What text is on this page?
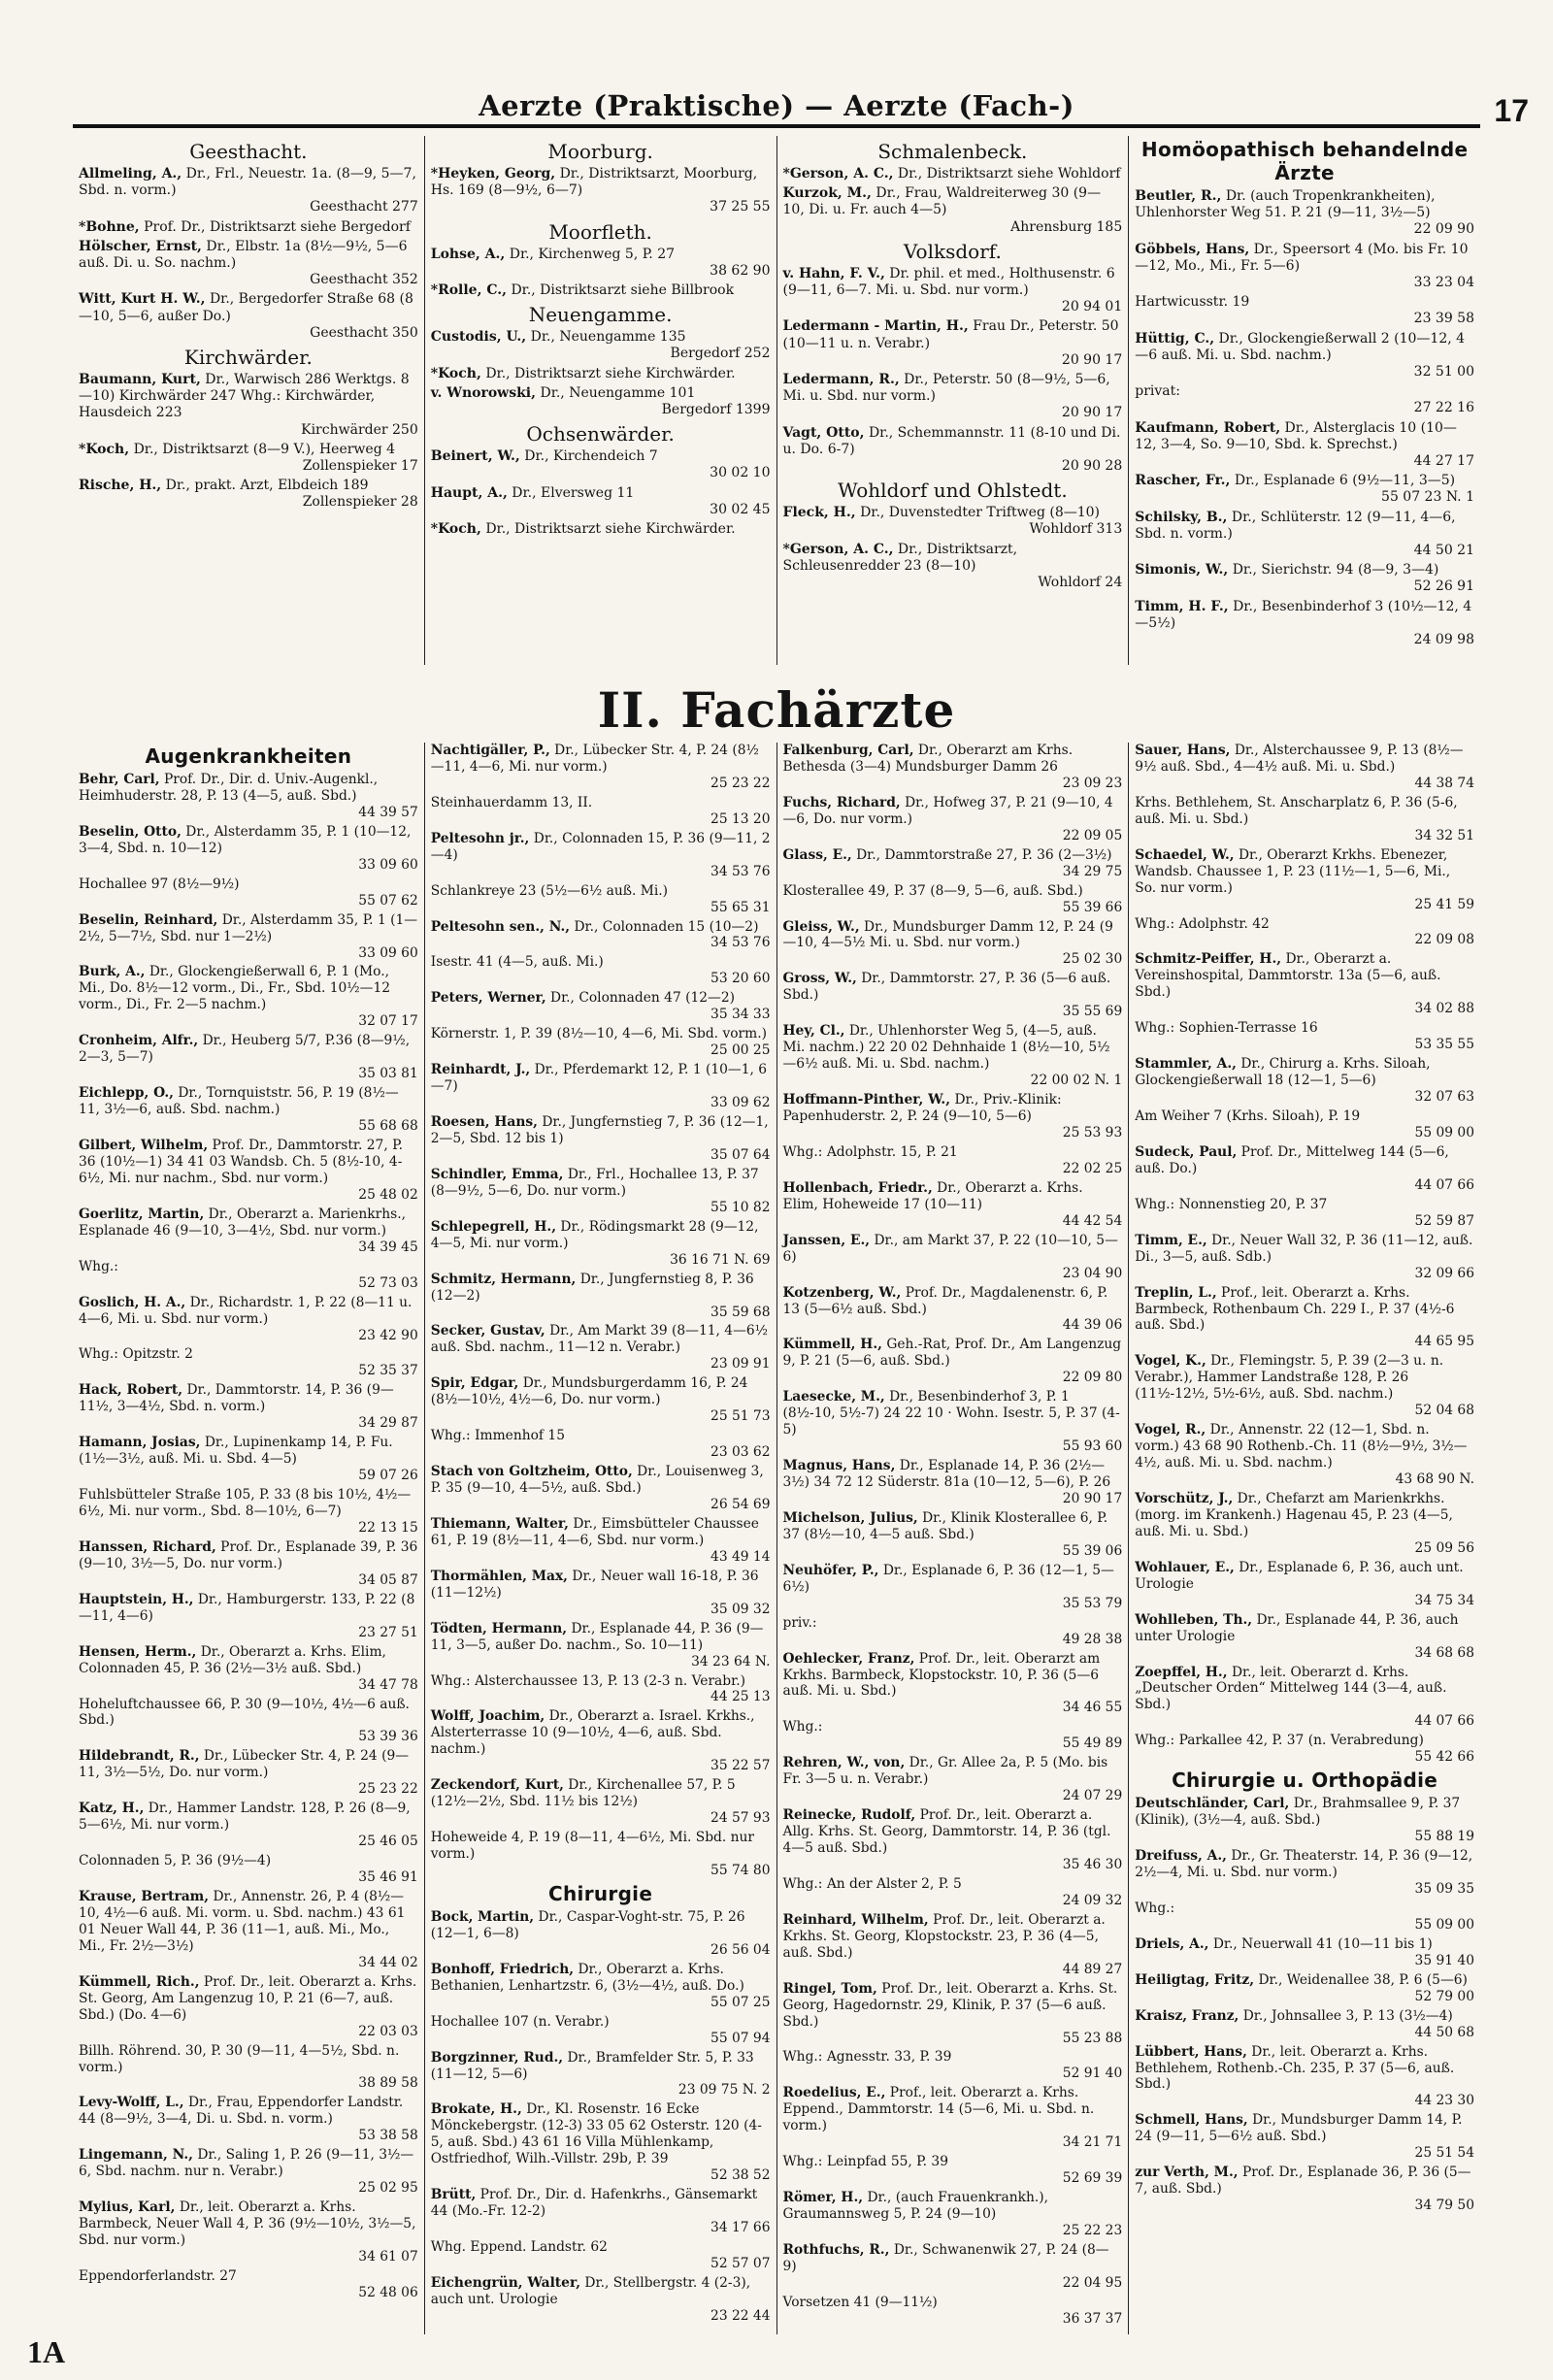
Aerzte (Praktische) — Aerzte (Fach-)	17
Geesthacht.
Allmeling, A., Dr., Frl., Neuestr. 1a. (8—9, 5—7, Sbd. n. vorm.)
Geesthacht 277
*Bohne, Prof. Dr., Distriktsarzt siehe Bergedorf
Hölscher, Ernst, Dr., Elbstr. 1a (8½—9½, 5—6 auß. Di. u. So. nachm.)
Geesthacht 352
Witt, Kurt H. W., Dr., Bergedorfer Straße 68 (8—10, 5—6, außer Do.)
Geesthacht 350
Kirchwärder.
Baumann, Kurt, Dr., Warwisch 286 Werktgs. 8—10) Kirchwärder 247 Whg.: Kirchwärder, Hausdeich 223
Kirchwärder 250
*Koch, Dr., Distriktsarzt (8—9 V.), Heerweg 4
Zollenspieker 17
Rische, H., Dr., prakt. Arzt, Elbdeich 189
Zollenspieker 28
Moorburg.
*Heyken, Georg, Dr., Distriktsarzt, Moorburg, Hs. 169 (8—9½, 6—7)
37 25 55
Moorfleth.
Lohse, A., Dr., Kirchenweg 5, P. 27
38 62 90
*Rolle, C., Dr., Distriktsarzt siehe Billbrook
Neuengamme.
Custodis, U., Dr., Neuengamme 135
Bergedorf 252
*Koch, Dr., Distriktsarzt siehe Kirchwärder.
v. Wnorowski, Dr., Neuengamme 101
Bergedorf 1399
Ochsenwärder.
Beinert, W., Dr., Kirchendeich 7
30 02 10
Haupt, A., Dr., Elversweg 11
30 02 45
*Koch, Dr., Distriktsarzt siehe Kirchwärder.
Schmalenbeck.
*Gerson, A. C., Dr., Distriktsarzt siehe Wohldorf
Kurzok, M., Dr., Frau, Waldreiterweg 30 (9—10, Di. u. Fr. auch 4—5)
Ahrensburg 185
Volksdorf.
v. Hahn, F. V., Dr. phil. et med., Holthusenstr. 6 (9—11, 6—7. Mi. u. Sbd. nur vorm.)
20 94 01
Ledermann - Martin, H., Frau Dr., Peterstr. 50 (10—11 u. n. Verabr.)
20 90 17
Ledermann, R., Dr., Peterstr. 50 (8—9½, 5—6, Mi. u. Sbd. nur vorm.)
20 90 17
Vagt, Otto, Dr., Schemmannstr. 11 (8-10 und Di. u. Do. 6-7)
20 90 28
Wohldorf und Ohlstedt.
Fleck, H., Dr., Duvenstedter Triftweg (8—10)
Wohldorf 313
*Gerson, A. C., Dr., Distriktsarzt, Schleusenredder 23 (8—10)
Wohldorf 24
Homöopathisch behandelnde Ärzte
Beutler, R., Dr. (auch Tropenkrankheiten), Uhlenhorster Weg 51. P. 21 (9—11, 3½—5)
22 09 90
Göbbels, Hans, Dr., Speersort 4 (Mo. bis Fr. 10—12, Mo., Mi., Fr. 5—6)
33 23 04
Hartwicusstr. 19
23 39 58
Hüttig, C., Dr., Glockengießerwall 2 (10—12, 4—6 auß. Mi. u. Sbd. nachm.)
32 51 00
privat:
27 22 16
Kaufmann, Robert, Dr., Alsterglacis 10 (10—12, 3—4, So. 9—10, Sbd. k. Sprechst.)
44 27 17
Rascher, Fr., Dr., Esplanade 6 (9½—11, 3—5)
55 07 23 N. 1
Schilsky, B., Dr., Schlüterstr. 12 (9—11, 4—6, Sbd. n. vorm.)
44 50 21
Simonis, W., Dr., Sierichstr. 94 (8—9, 3—4)
52 26 91
Timm, H. F., Dr., Besenbinderhof 3 (10½—12, 4—5½)
24 09 98
II. Fachärzte
Augenkrankheiten
Behr, Carl, Prof. Dr., Dir. d. Univ.-Augenkl., Heimhuderstr. 28, P. 13 (4—5, auß. Sbd.)
44 39 57
Beselin, Otto, Dr., Alsterdamm 35, P. 1 (10—12, 3—4, Sbd. n. 10—12)
33 09 60
Hochallee 97 (8½—9½)
55 07 62
Beselin, Reinhard, Dr., Alsterdamm 35, P. 1 (1—2½, 5—7½, Sbd. nur 1—2½)
33 09 60
Burk, A., Dr., Glockengießerwall 6, P. 1 (Mo., Mi., Do. 8½—12 vorm., Di., Fr., Sbd. 10½—12 vorm., Di., Fr. 2—5 nachm.)
32 07 17
Cronheim, Alfr., Dr., Heuberg 5/7, P.36 (8—9½, 2—3, 5—7)
35 03 81
Eichlepp, O., Dr., Tornquiststr. 56, P. 19 (8½—11, 3½—6, auß. Sbd. nachm.)
55 68 68
Gilbert, Wilhelm, Prof. Dr., Dammtorstr. 27, P. 36 (10½—1) 34 41 03 Wandsb. Ch. 5 (8½-10, 4-6½, Mi. nur nachm., Sbd. nur vorm.)
25 48 02
Goerlitz, Martin, Dr., Oberarzt a. Marienkrhs., Esplanade 46 (9—10, 3—4½, Sbd. nur vorm.)
34 39 45
Whg.:
52 73 03
Goslich, H. A., Dr., Richardstr. 1, P. 22 (8—11 u. 4—6, Mi. u. Sbd. nur vorm.)
23 42 90
Whg.: Opitzstr. 2
52 35 37
Hack, Robert, Dr., Dammtorstr. 14, P. 36 (9—11½, 3—4½, Sbd. n. vorm.)
34 29 87
Hamann, Josias, Dr., Lupinenkamp 14, P. Fu. (1½—3½, auß. Mi. u. Sbd. 4—5)
59 07 26
Fuhlsbütteler Straße 105, P. 33 (8 bis 10½, 4½—6½, Mi. nur vorm., Sbd. 8—10½, 6—7)
22 13 15
Hanssen, Richard, Prof. Dr., Esplanade 39, P. 36 (9—10, 3½—5, Do. nur vorm.)
34 05 87
Hauptstein, H., Dr., Hamburgerstr. 133, P. 22 (8—11, 4—6)
23 27 51
Hensen, Herm., Dr., Oberarzt a. Krhs. Elim, Colonnaden 45, P. 36 (2½—3½ auß. Sbd.)
34 47 78
Hoheluftchaussee 66, P. 30 (9—10½, 4½—6 auß. Sbd.)
53 39 36
Hildebrandt, R., Dr., Lübecker Str. 4, P. 24 (9—11, 3½—5½, Do. nur vorm.)
25 23 22
Katz, H., Dr., Hammer Landstr. 128, P. 26 (8—9, 5—6½, Mi. nur vorm.)
25 46 05
Colonnaden 5, P. 36 (9½—4)
35 46 91
Krause, Bertram, Dr., Annenstr. 26, P. 4 (8½—10, 4½—6 auß. Mi. vorm. u. Sbd. nachm.) 43 61 01 Neuer Wall 44, P. 36 (11—1, auß. Mi., Mo., Mi., Fr. 2½—3½)
34 44 02
Kümmell, Rich., Prof. Dr., leit. Oberarzt a. Krhs. St. Georg, Am Langenzug 10, P. 21 (6—7, auß. Sbd.) (Do. 4—6)
22 03 03
Billh. Röhrend. 30, P. 30 (9—11, 4—5½, Sbd. n. vorm.)
38 89 58
Levy-Wolff, L., Dr., Frau, Eppendorfer Landstr. 44 (8—9½, 3—4, Di. u. Sbd. n. vorm.)
53 38 58
Lingemann, N., Dr., Saling 1, P. 26 (9—11, 3½—6, Sbd. nachm. nur n. Verabr.)
25 02 95
Mylius, Karl, Dr., leit. Oberarzt a. Krhs. Barmbeck, Neuer Wall 4, P. 36 (9½—10½, 3½—5, Sbd. nur vorm.)
34 61 07
Eppendorferlandstr. 27
52 48 06
Nachtigäller, P., Dr., Lübecker Str. 4, P. 24 (8½—11, 4—6, Mi. nur vorm.)
25 23 22
Steinhauerdamm 13, II.
25 13 20
Peltesohn jr., Dr., Colonnaden 15, P. 36 (9—11, 2—4)
34 53 76
Schlankreye 23 (5½—6½ auß. Mi.)
55 65 31
Peltesohn sen., N., Dr., Colonnaden 15 (10—2)
34 53 76
Isestr. 41 (4—5, auß. Mi.)
53 20 60
Peters, Werner, Dr., Colonnaden 47 (12—2)
35 34 33
Körnerstr. 1, P. 39 (8½—10, 4—6, Mi. Sbd. vorm.)
25 00 25
Reinhardt, J., Dr., Pferdemarkt 12, P. 1 (10—1, 6—7)
33 09 62
Roesen, Hans, Dr., Jungfernstieg 7, P. 36 (12—1, 2—5, Sbd. 12 bis 1)
35 07 64
Schindler, Emma, Dr., Frl., Hochallee 13, P. 37 (8—9½, 5—6, Do. nur vorm.)
55 10 82
Schlepegrell, H., Dr., Rödingsmarkt 28 (9—12, 4—5, Mi. nur vorm.)
36 16 71 N. 69
Schmitz, Hermann, Dr., Jungfernstieg 8, P. 36 (12—2)
35 59 68
Secker, Gustav, Dr., Am Markt 39 (8—11, 4—6½ auß. Sbd. nachm., 11—12 n. Verabr.)
23 09 91
Spir, Edgar, Dr., Mundsburgerdamm 16, P. 24 (8½—10½, 4½—6, Do. nur vorm.)
25 51 73
Whg.: Immenhof 15
23 03 62
Stach von Goltzheim, Otto, Dr., Louisenweg 3, P. 35 (9—10, 4—5½, auß. Sbd.)
26 54 69
Thiemann, Walter, Dr., Eimsbütteler Chaussee 61, P. 19 (8½—11, 4—6, Sbd. nur vorm.)
43 49 14
Thormählen, Max, Dr., Neuer wall 16-18, P. 36 (11—12½)
35 09 32
Tödten, Hermann, Dr., Esplanade 44, P. 36 (9—11, 3—5, außer Do. nachm., So. 10—11)
34 23 64 N.
Whg.: Alsterchaussee 13, P. 13 (2-3 n. Verabr.)
44 25 13
Wolff, Joachim, Dr., Oberarzt a. Israel. Krkhs., Alsterterrasse 10 (9—10½, 4—6, auß. Sbd. nachm.)
35 22 57
Zeckendorf, Kurt, Dr., Kirchenallee 57, P. 5 (12½—2½, Sbd. 11½ bis 12½)
24 57 93
Hoheweide 4, P. 19 (8—11, 4—6½, Mi. Sbd. nur vorm.)
55 74 80
Chirurgie
Bock, Martin, Dr., Caspar-Voght-str. 75, P. 26 (12—1, 6—8)
26 56 04
Bonhoff, Friedrich, Dr., Oberarzt a. Krhs. Bethanien, Lenhartzstr. 6, (3½—4½, auß. Do.)
55 07 25
Hochallee 107 (n. Verabr.)
55 07 94
Borgzinner, Rud., Dr., Bramfelder Str. 5, P. 33 (11—12, 5—6)
23 09 75 N. 2
Brokate, H., Dr., Kl. Rosenstr. 16 Ecke Mönckebergstr. (12-3) 33 05 62 Osterstr. 120 (4-5, auß. Sbd.) 43 61 16 Villa Mühlenkamp, Ostfriedhof, Wilh.-Villstr. 29b, P. 39
52 38 52
Brütt, Prof. Dr., Dir. d. Hafenkrhs., Gänsemarkt 44 (Mo.-Fr. 12-2)
34 17 66
Whg. Eppend. Landstr. 62
52 57 07
Eichengrün, Walter, Dr., Stellbergstr. 4 (2-3), auch unt. Urologie
23 22 44
Falkenburg, Carl, Dr., Oberarzt am Krhs. Bethesda (3—4) Mundsburger Damm 26
23 09 23
Fuchs, Richard, Dr., Hofweg 37, P. 21 (9—10, 4—6, Do. nur vorm.)
22 09 05
Glass, E., Dr., Dammtorstraße 27, P. 36 (2—3½)
34 29 75
Klosterallee 49, P. 37 (8—9, 5—6, auß. Sbd.)
55 39 66
Gleiss, W., Dr., Mundsburger Damm 12, P. 24 (9—10, 4—5½ Mi. u. Sbd. nur vorm.)
25 02 30
Gross, W., Dr., Dammtorstr. 27, P. 36 (5—6 auß. Sbd.)
35 55 69
Hey, Cl., Dr., Uhlenhorster Weg 5, (4—5, auß. Mi. nachm.) 22 20 02 Dehnhaide 1 (8½—10, 5½—6½ auß. Mi. u. Sbd. nachm.)
22 00 02 N. 1
Hoffmann-Pinther, W., Dr., Priv.-Klinik: Papenhuderstr. 2, P. 24 (9—10, 5—6)
25 53 93
Whg.: Adolphstr. 15, P. 21
22 02 25
Hollenbach, Friedr., Dr., Oberarzt a. Krhs. Elim, Hoheweide 17 (10—11)
44 42 54
Janssen, E., Dr., am Markt 37, P. 22 (10—10, 5—6)
23 04 90
Kotzenberg, W., Prof. Dr., Magdalenenstr. 6, P. 13 (5—6½ auß. Sbd.)
44 39 06
Kümmell, H., Geh.-Rat, Prof. Dr., Am Langenzug 9, P. 21 (5—6, auß. Sbd.)
22 09 80
Laesecke, M., Dr., Besenbinderhof 3, P. 1 (8½-10, 5½-7) 24 22 10 · Wohn. Isestr. 5, P. 37 (4-5)
55 93 60
Magnus, Hans, Dr., Esplanade 14, P. 36 (2½—3½) 34 72 12 Süderstr. 81a (10—12, 5—6), P. 26
20 90 17
Michelson, Julius, Dr., Klinik Klosterallee 6, P. 37 (8½—10, 4—5 auß. Sbd.)
55 39 06
Neuhöfer, P., Dr., Esplanade 6, P. 36 (12—1, 5—6½)
35 53 79
priv.:
49 28 38
Oehlecker, Franz, Prof. Dr., leit. Oberarzt am Krkhs. Barmbeck, Klopstockstr. 10, P. 36 (5—6 auß. Mi. u. Sbd.)
34 46 55
Whg.:
55 49 89
Rehren, W., von, Dr., Gr. Allee 2a, P. 5 (Mo. bis Fr. 3—5 u. n. Verabr.)
24 07 29
Reinecke, Rudolf, Prof. Dr., leit. Oberarzt a. Allg. Krhs. St. Georg, Dammtorstr. 14, P. 36 (tgl. 4—5 auß. Sbd.)
35 46 30
Whg.: An der Alster 2, P. 5
24 09 32
Reinhard, Wilhelm, Prof. Dr., leit. Oberarzt a. Krkhs. St. Georg, Klopstockstr. 23, P. 36 (4—5, auß. Sbd.)
44 89 27
Ringel, Tom, Prof. Dr., leit. Oberarzt a. Krhs. St. Georg, Hagedornstr. 29, Klinik, P. 37 (5—6 auß. Sbd.)
55 23 88
Whg.: Agnesstr. 33, P. 39
52 91 40
Roedelius, E., Prof., leit. Oberarzt a. Krhs. Eppend., Dammtorstr. 14 (5—6, Mi. u. Sbd. n. vorm.)
34 21 71
Whg.: Leinpfad 55, P. 39
52 69 39
Römer, H., Dr., (auch Frauenkrankh.), Graumannsweg 5, P. 24 (9—10)
25 22 23
Rothfuchs, R., Dr., Schwanenwik 27, P. 24 (8—9)
22 04 95
Vorsetzen 41 (9—11½)
36 37 37
Sauer, Hans, Dr., Alsterchaussee 9, P. 13 (8½—9½ auß. Sbd., 4—4½ auß. Mi. u. Sbd.)
44 38 74
Krhs. Bethlehem, St. Anscharplatz 6, P. 36 (5-6, auß. Mi. u. Sbd.)
34 32 51
Schaedel, W., Dr., Oberarzt Krkhs. Ebenezer, Wandsb. Chaussee 1, P. 23 (11½—1, 5—6, Mi., So. nur vorm.)
25 41 59
Whg.: Adolphstr. 42
22 09 08
Schmitz-Peiffer, H., Dr., Oberarzt a. Vereinshospital, Dammtorstr. 13a (5—6, auß. Sbd.)
34 02 88
Whg.: Sophien-Terrasse 16
53 35 55
Stammler, A., Dr., Chirurg a. Krhs. Siloah, Glockengießerwall 18 (12—1, 5—6)
32 07 63
Am Weiher 7 (Krhs. Siloah), P. 19
55 09 00
Sudeck, Paul, Prof. Dr., Mittelweg 144 (5—6, auß. Do.)
44 07 66
Whg.: Nonnenstieg 20, P. 37
52 59 87
Timm, E., Dr., Neuer Wall 32, P. 36 (11—12, auß. Di., 3—5, auß. Sdb.)
32 09 66
Treplin, L., Prof., leit. Oberarzt a. Krhs. Barmbeck, Rothenbaum Ch. 229 I., P. 37 (4½-6 auß. Sbd.)
44 65 95
Vogel, K., Dr., Flemingstr. 5, P. 39 (2—3 u. n. Verabr.), Hammer Landstraße 128, P. 26 (11½-12½, 5½-6½, auß. Sbd. nachm.)
52 04 68
Vogel, R., Dr., Annenstr. 22 (12—1, Sbd. n. vorm.) 43 68 90 Rothenb.-Ch. 11 (8½—9½, 3½—4½, auß. Mi. u. Sbd. nachm.)
43 68 90 N.
Vorschütz, J., Dr., Chefarzt am Marienkrkhs. (morg. im Krankenh.) Hagenau 45, P. 23 (4—5, auß. Mi. u. Sbd.)
25 09 56
Wohlauer, E., Dr., Esplanade 6, P. 36, auch unt. Urologie
34 75 34
Wohlleben, Th., Dr., Esplanade 44, P. 36, auch unter Urologie
34 68 68
Zoepffel, H., Dr., leit. Oberarzt d. Krhs. „Deutscher Orden“ Mittelweg 144 (3—4, auß. Sbd.)
44 07 66
Whg.: Parkallee 42, P. 37 (n. Verabredung)
55 42 66
Chirurgie u. Orthopädie
Deutschländer, Carl, Dr., Brahmsallee 9, P. 37 (Klinik), (3½—4, auß. Sbd.)
55 88 19
Dreifuss, A., Dr., Gr. Theaterstr. 14, P. 36 (9—12, 2½—4, Mi. u. Sbd. nur vorm.)
35 09 35
Whg.:
55 09 00
Driels, A., Dr., Neuerwall 41 (10—11 bis 1)
35 91 40
Heiligtag, Fritz, Dr., Weidenallee 38, P. 6 (5—6)
52 79 00
Kraisz, Franz, Dr., Johnsallee 3, P. 13 (3½—4)
44 50 68
Lübbert, Hans, Dr., leit. Oberarzt a. Krhs. Bethlehem, Rothenb.-Ch. 235, P. 37 (5—6, auß. Sbd.)
44 23 30
Schmell, Hans, Dr., Mundsburger Damm 14, P. 24 (9—11, 5—6½ auß. Sbd.)
25 51 54
zur Verth, M., Prof. Dr., Esplanade 36, P. 36 (5—7, auß. Sbd.)
34 79 50
1A
